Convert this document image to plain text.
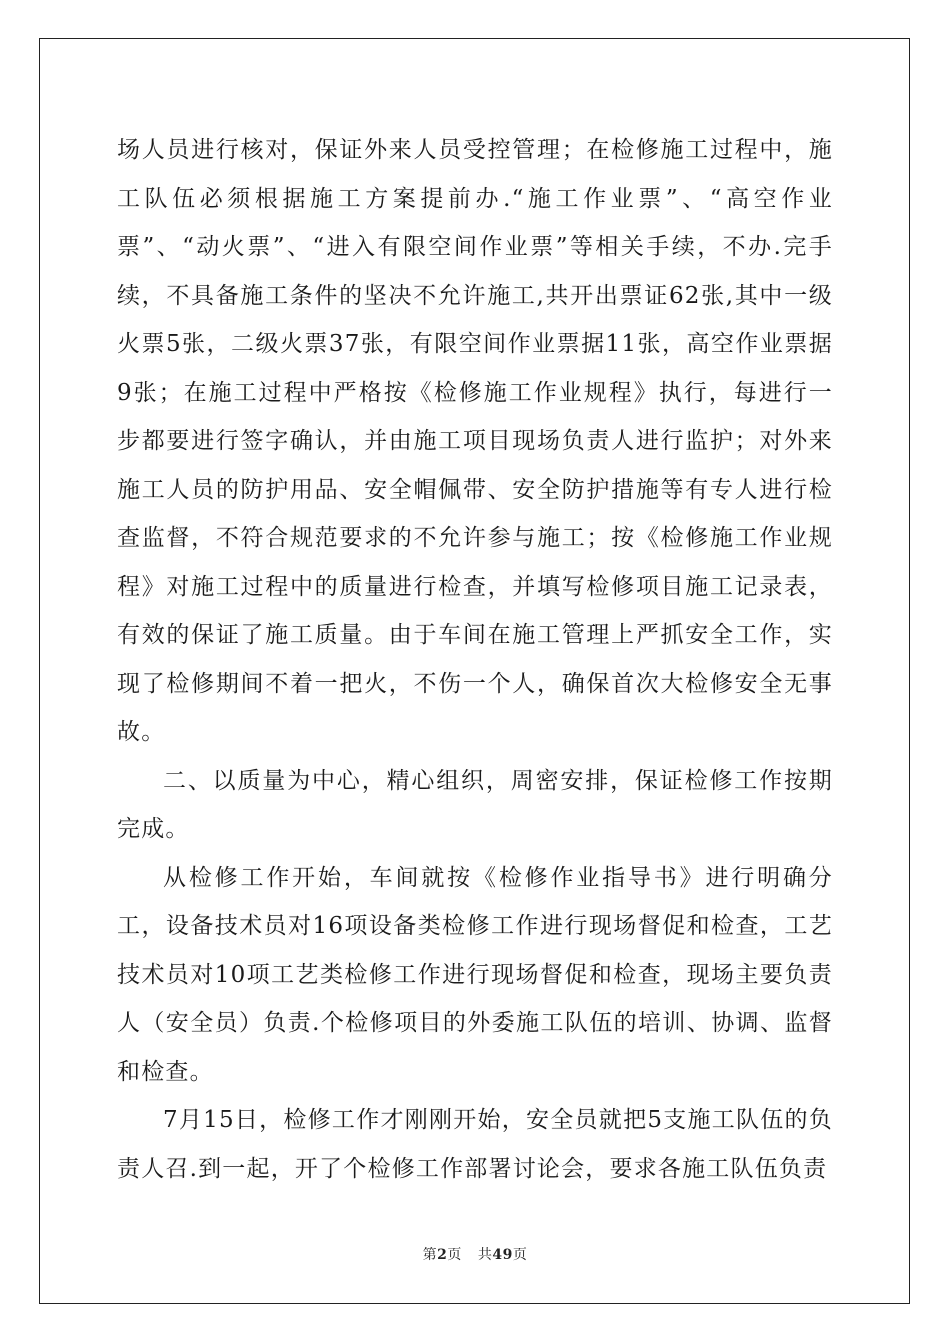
场人员进行核对，保证外来人员受控管理；在检修施工过程中，施工队伍必须根据施工方案提前办.“施工作业票”、“高空作业票”、“动火票”、“进入有限空间作业票”等相关手续，不办.完手续，不具备施工条件的坚决不允许施工,共开出票证62张,其中一级火票5张，二级火票37张，有限空间作业票据11张，高空作业票据9张；在施工过程中严格按《检修施工作业规程》执行，每进行一步都要进行签字确认，并由施工项目现场负责人进行监护；对外来施工人员的防护用品、安全帽佩带、安全防护措施等有专人进行检查监督，不符合规范要求的不允许参与施工；按《检修施工作业规程》对施工过程中的质量进行检查，并填写检修项目施工记录表，有效的保证了施工质量。由于车间在施工管理上严抓安全工作，实现了检修期间不着一把火，不伤一个人，确保首次大检修安全无事故。

二、以质量为中心，精心组织，周密安排，保证检修工作按期完成。

从检修工作开始，车间就按《检修作业指导书》进行明确分工，设备技术员对16项设备类检修工作进行现场督促和检查，工艺技术员对10项工艺类检修工作进行现场督促和检查，现场主要负责人（安全员）负责.个检修项目的外委施工队伍的培训、协调、监督和检查。

7月15日，检修工作才刚刚开始，安全员就把5支施工队伍的负责人召.到一起，开了个检修工作部署讨论会，要求各施工队伍负责

第2页 共49页
